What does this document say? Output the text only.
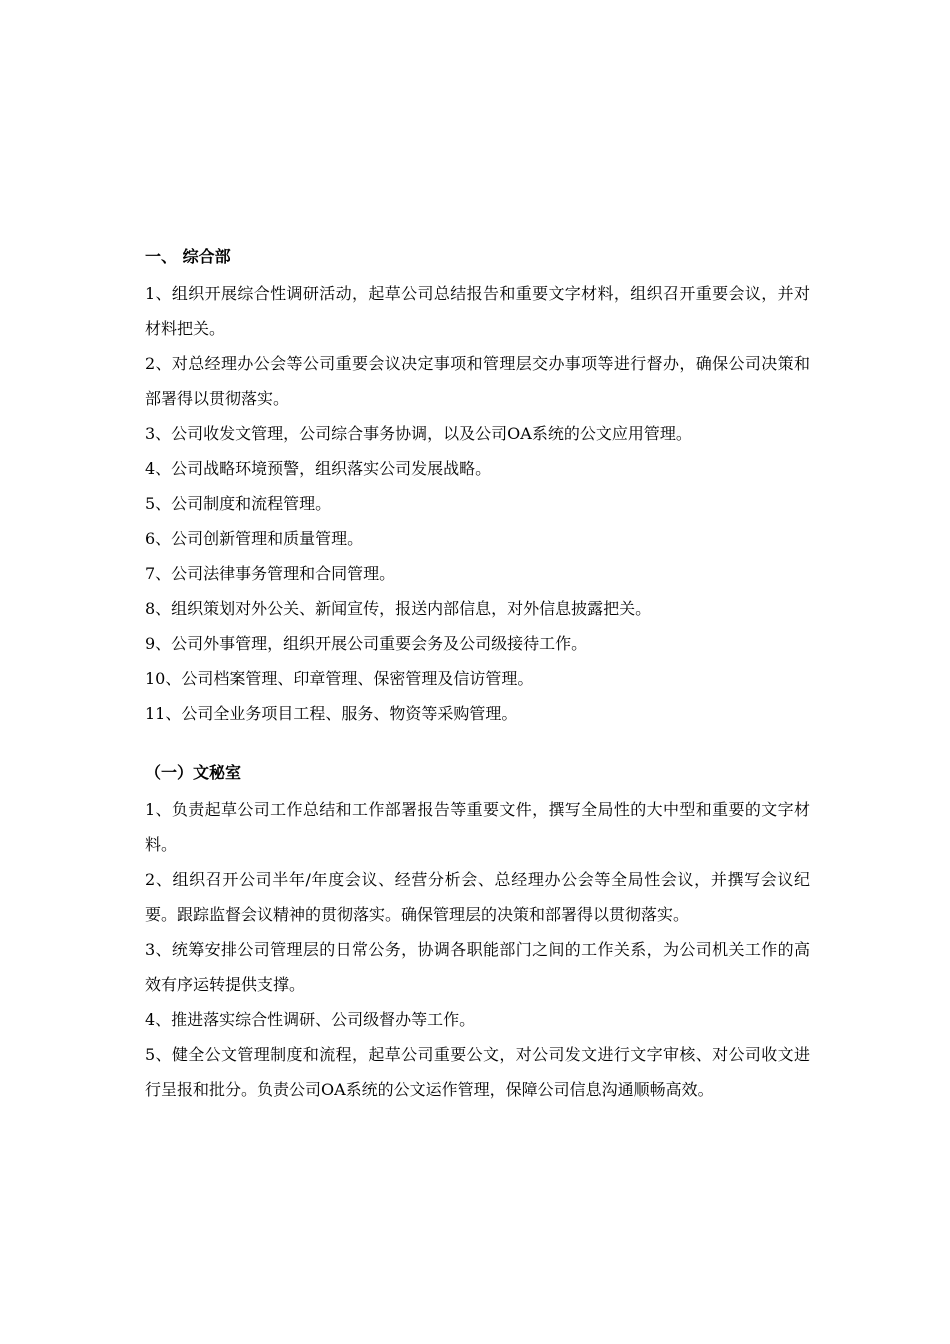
一、 综合部

1、组织开展综合性调研活动，起草公司总结报告和重要文字材料，组织召开重要会议，并对材料把关。

2、对总经理办公会等公司重要会议决定事项和管理层交办事项等进行督办，确保公司决策和部署得以贯彻落实。

3、公司收发文管理，公司综合事务协调，以及公司OA系统的公文应用管理。

4、公司战略环境预警，组织落实公司发展战略。

5、公司制度和流程管理。

6、公司创新管理和质量管理。

7、公司法律事务管理和合同管理。

8、组织策划对外公关、新闻宣传，报送内部信息，对外信息披露把关。

9、公司外事管理，组织开展公司重要会务及公司级接待工作。

10、公司档案管理、印章管理、保密管理及信访管理。

11、公司全业务项目工程、服务、物资等采购管理。

（一）文秘室

1、负责起草公司工作总结和工作部署报告等重要文件，撰写全局性的大中型和重要的文字材料。

2、组织召开公司半年/年度会议、经营分析会、总经理办公会等全局性会议，并撰写会议纪要。跟踪监督会议精神的贯彻落实。确保管理层的决策和部署得以贯彻落实。

3、统筹安排公司管理层的日常公务，协调各职能部门之间的工作关系，为公司机关工作的高效有序运转提供支撑。

4、推进落实综合性调研、公司级督办等工作。

5、健全公文管理制度和流程，起草公司重要公文，对公司发文进行文字审核、对公司收文进行呈报和批分。负责公司OA系统的公文运作管理，保障公司信息沟通顺畅高效。
